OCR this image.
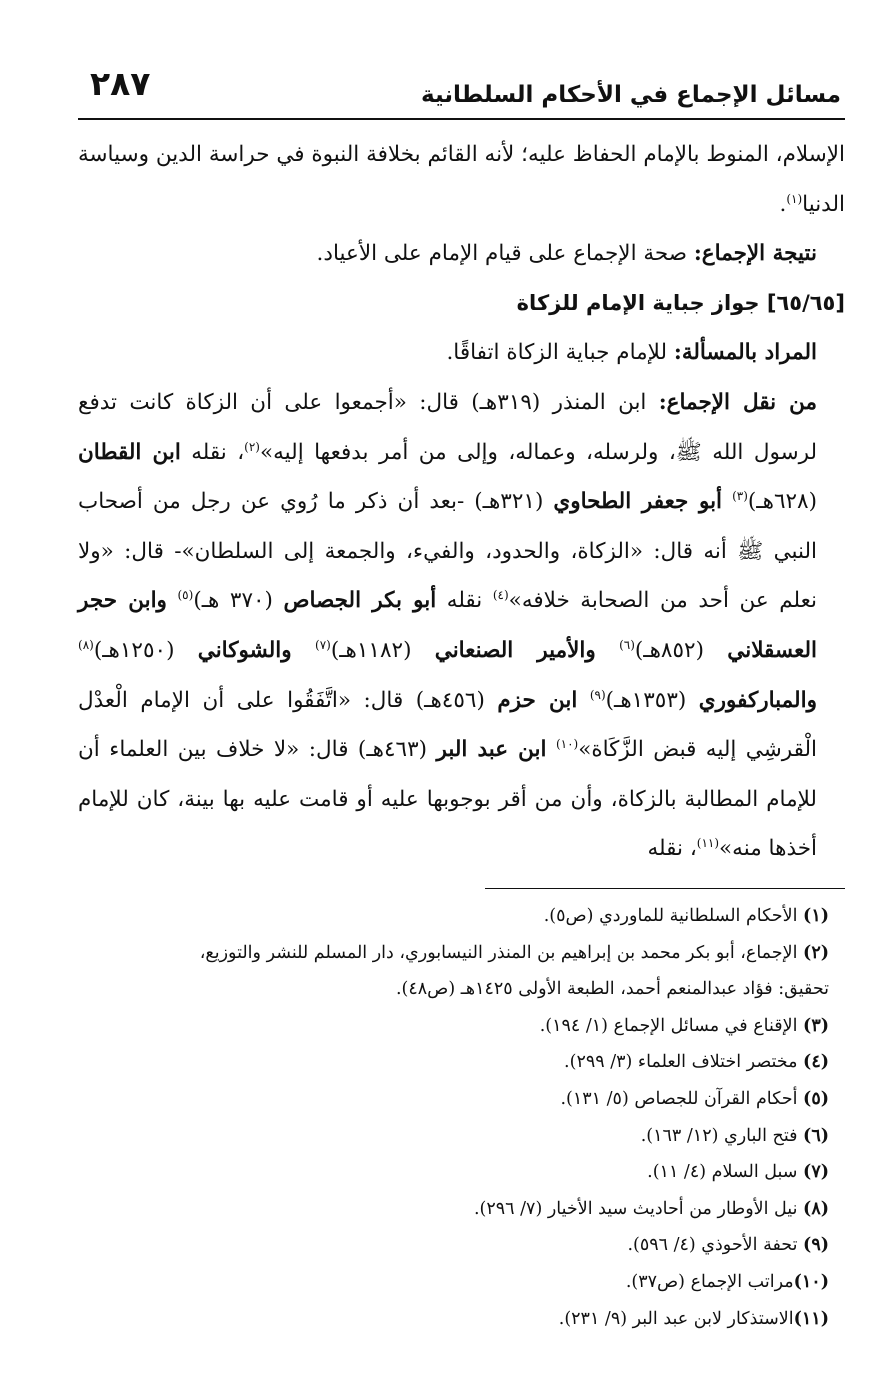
مسائل الإجماع في الأحكام السلطانية
٢٨٧

الإسلام، المنوط بالإمام الحفاظ عليه؛ لأنه القائم بخلافة النبوة في حراسة الدين وسياسة الدنيا$^{(١)}$.

نتيجة الإجماع: صحة الإجماع على قيام الإمام على الأعياد.

[٦٥/٦٥] جواز جباية الإمام للزكاة

المراد بالمسألة: للإمام جباية الزكاة اتفاقًا.

من نقل الإجماع: ابن المنذر (٣١٩هـ) قال: «أجمعوا على أن الزكاة كانت تدفع لرسول الله ﷺ، ولرسله، وعماله، وإلى من أمر بدفعها إليه»$^{(٢)}$، نقله ابن القطان (٦٢٨هـ)$^{(٣)}$ أبو جعفر الطحاوي (٣٢١هـ) -بعد أن ذكر ما رُوي عن رجل من أصحاب النبي ﷺ أنه قال: «الزكاة، والحدود، والفيء، والجمعة إلى السلطان»- قال: «ولا نعلم عن أحد من الصحابة خلافه»$^{(٤)}$ نقله أبو بكر الجصاص (٣٧٠ هـ)$^{(٥)}$ وابن حجر العسقلاني (٨٥٢هـ)$^{(٦)}$ والأمير الصنعاني (١١٨٢هـ)$^{(٧)}$ والشوكاني (١٢٥٠هـ)$^{(٨)}$ والمباركفوري (١٣٥٣هـ)$^{(٩)}$ ابن حزم (٤٥٦هـ) قال: «اتَّفَقُوا على أن الإمام الْعدْل الْقرشِي إليه قبض الزَّكَاة»$^{(١٠)}$ ابن عبد البر (٤٦٣هـ) قال: «لا خلاف بين العلماء أن للإمام المطالبة بالزكاة، وأن من أقر بوجوبها عليه أو قامت عليه بها بينة، كان للإمام أخذها منه»$^{(١١)}$، نقله

(١) الأحكام السلطانية للماوردي (ص٥).

(٢) الإجماع، أبو بكر محمد بن إبراهيم بن المنذر النيسابوري، دار المسلم للنشر والتوزيع،

تحقيق: فؤاد عبدالمنعم أحمد، الطبعة الأولى ١٤٢٥هـ (ص٤٨).

(٣) الإقناع في مسائل الإجماع (١/ ١٩٤).

(٤) مختصر اختلاف العلماء (٣/ ٢٩٩).

(٥) أحكام القرآن للجصاص (٥/ ١٣١).

(٦) فتح الباري (١٢/ ١٦٣).

(٧) سبل السلام (٤/ ١١).

(٨) نيل الأوطار من أحاديث سيد الأخيار (٧/ ٢٩٦).

(٩) تحفة الأحوذي (٤/ ٥٩٦).

(١٠)مراتب الإجماع (ص٣٧).

(١١)الاستذكار لابن عبد البر (٩/ ٢٣١).
